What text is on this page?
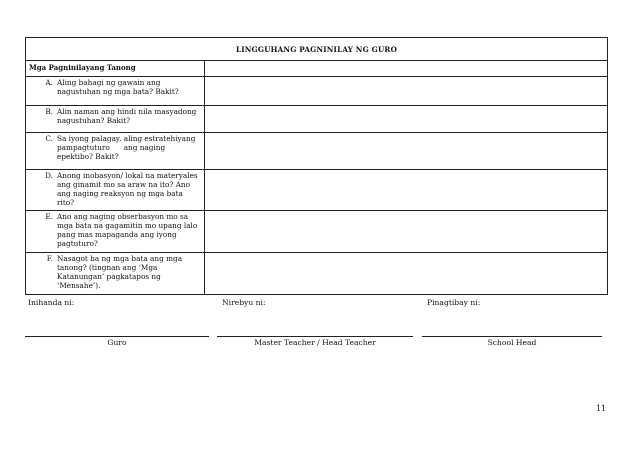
LINGGUHANG PAGNINILAY NG GURO
Mga Pagninilayang Tanong
A. Aling bahagi ng gawain ang nagustuhan ng mga bata? Bakit?
B. Alin naman ang hindi nila masyadong nagustuhan? Bakit?
C. Sa iyong palagay, aling estratehiyang pampagtuturo      ang naging epektibo? Bakit?
D. Anong inobasyon/ lokal na materyales ang ginamit mo sa araw na ito? Ano ang naging reaksyon ng mga bata rito?
E. Ano ang naging obserbasyon mo sa mga bata na gagamitin mo upang lalo pang mas mapaganda ang iyong pagtuturo?
F. Nasagot ba ng mga bata ang mga tanong? (tingnan ang ‘Mga Katanungan’ pagkatapos ng ‘Mensahe’).
Inihanda ni:	Nirebyu ni:	Pinagtibay ni:
Guro	Master Teacher / Head Teacher	School Head
11
